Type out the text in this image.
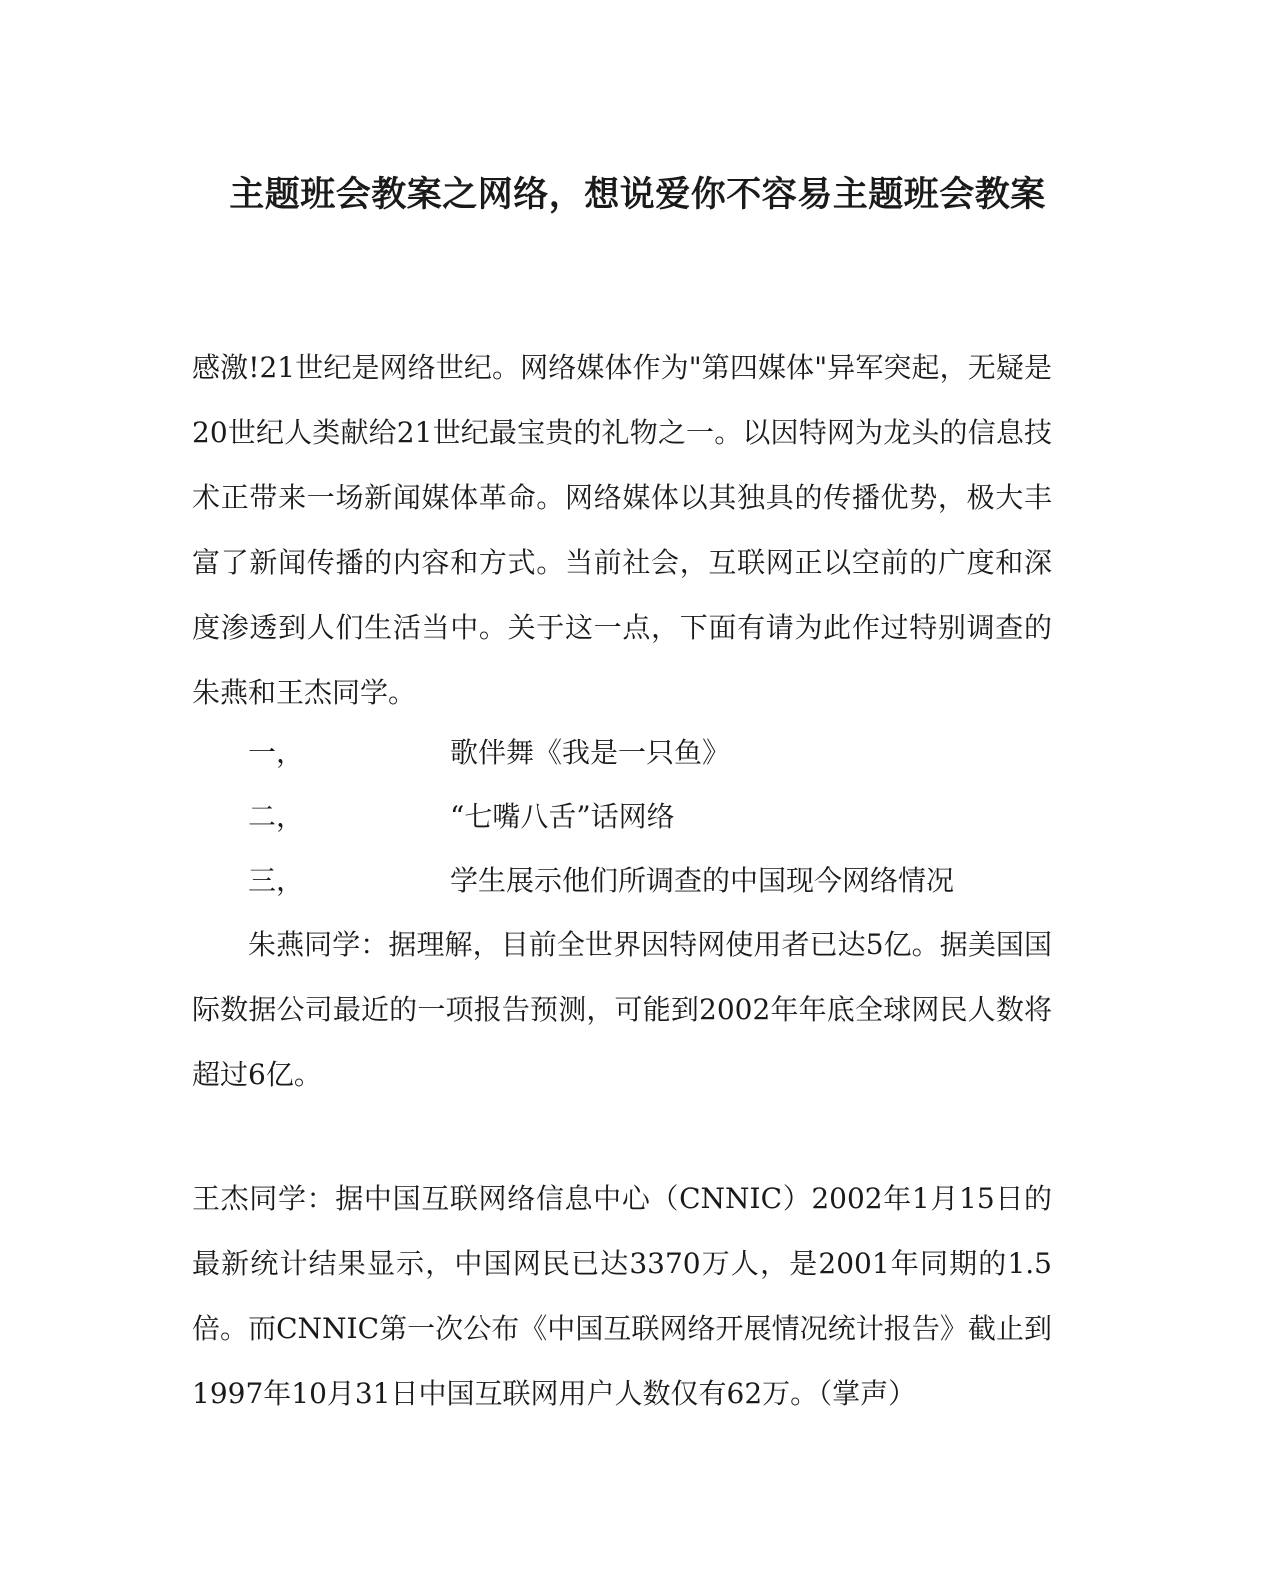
主题班会教案之网络，想说爱你不容易主题班会教案

感激!21世纪是网络世纪。网络媒体作为"第四媒体"异军突起，无疑是20世纪人类献给21世纪最宝贵的礼物之一。以因特网为龙头的信息技术正带来一场新闻媒体革命。网络媒体以其独具的传播优势，极大丰富了新闻传播的内容和方式。当前社会，互联网正以空前的广度和深度渗透到人们生活当中。关于这一点，下面有请为此作过特别调查的朱燕和王杰同学。

一，	歌伴舞《我是一只鱼》
二，	“七嘴八舌”话网络
三，	学生展示他们所调查的中国现今网络情况

朱燕同学：据理解，目前全世界因特网使用者已达5亿。据美国国际数据公司最近的一项报告预测，可能到2002年年底全球网民人数将超过6亿。

王杰同学：据中国互联网络信息中心（CNNIC）2002年1月15日的最新统计结果显示，中国网民已达3370万人，是2001年同期的1.5倍。而CNNIC第一次公布《中国互联网络开展情况统计报告》截止到1997年10月31日中国互联网用户人数仅有62万。（掌声）
